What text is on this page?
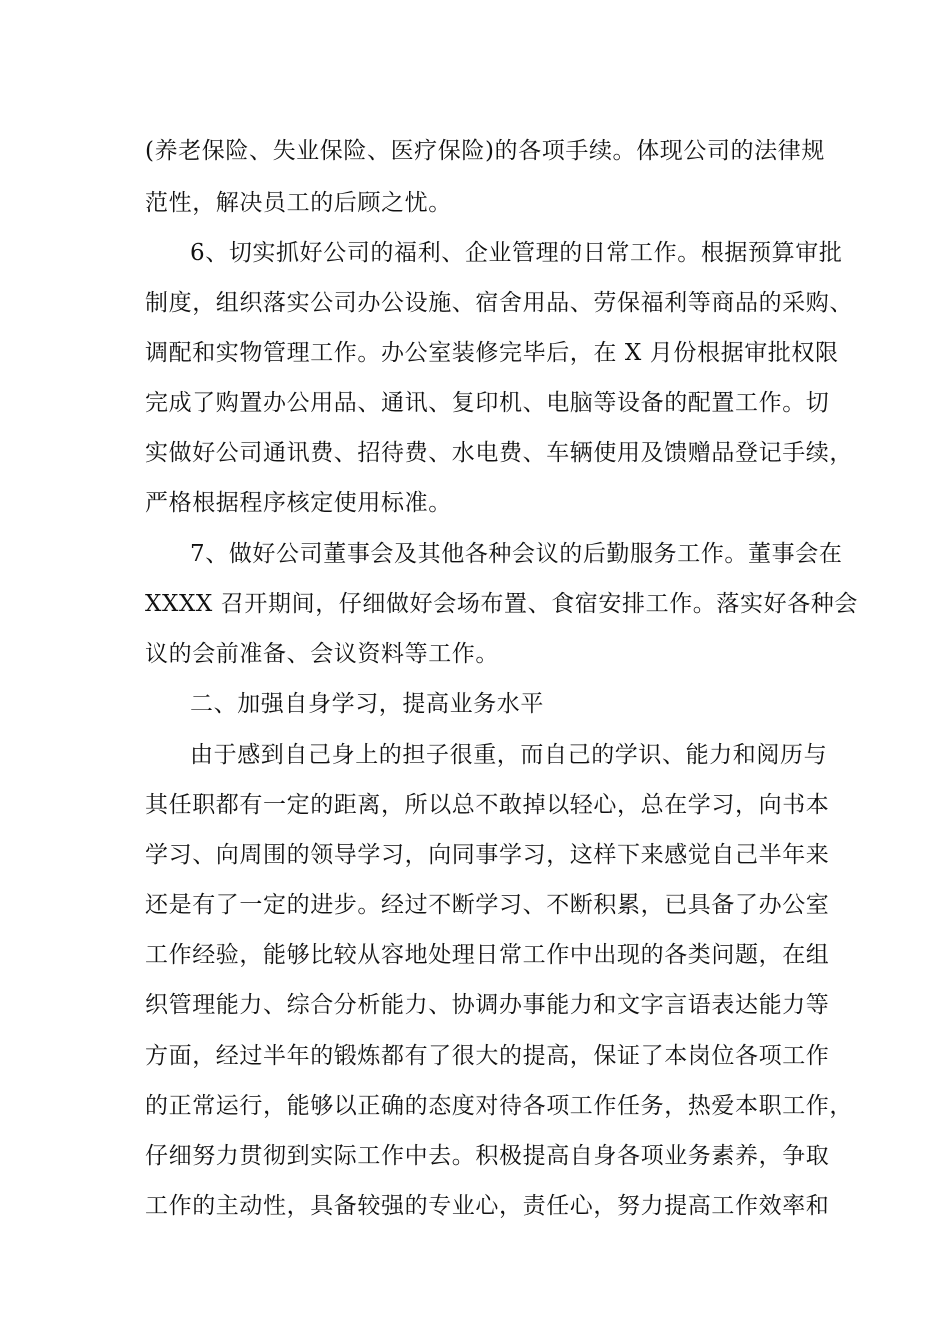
(养老保险、失业保险、医疗保险)的各项手续。体现公司的法律规
范性，解决员工的后顾之忧。
6、切实抓好公司的福利、企业管理的日常工作。根据预算审批
制度，组织落实公司办公设施、宿舍用品、劳保福利等商品的采购、
调配和实物管理工作。办公室装修完毕后，在 X 月份根据审批权限
完成了购置办公用品、通讯、复印机、电脑等设备的配置工作。切
实做好公司通讯费、招待费、水电费、车辆使用及馈赠品登记手续，
严格根据程序核定使用标准。
7、做好公司董事会及其他各种会议的后勤服务工作。董事会在
XXXX 召开期间，仔细做好会场布置、食宿安排工作。落实好各种会
议的会前准备、会议资料等工作。
二、加强自身学习，提高业务水平
由于感到自己身上的担子很重，而自己的学识、能力和阅历与
其任职都有一定的距离，所以总不敢掉以轻心，总在学习，向书本
学习、向周围的领导学习，向同事学习，这样下来感觉自己半年来
还是有了一定的进步。经过不断学习、不断积累，已具备了办公室
工作经验，能够比较从容地处理日常工作中出现的各类问题，在组
织管理能力、综合分析能力、协调办事能力和文字言语表达能力等
方面，经过半年的锻炼都有了很大的提高，保证了本岗位各项工作
的正常运行，能够以正确的态度对待各项工作任务，热爱本职工作，
仔细努力贯彻到实际工作中去。积极提高自身各项业务素养，争取
工作的主动性，具备较强的专业心，责任心，努力提高工作效率和
